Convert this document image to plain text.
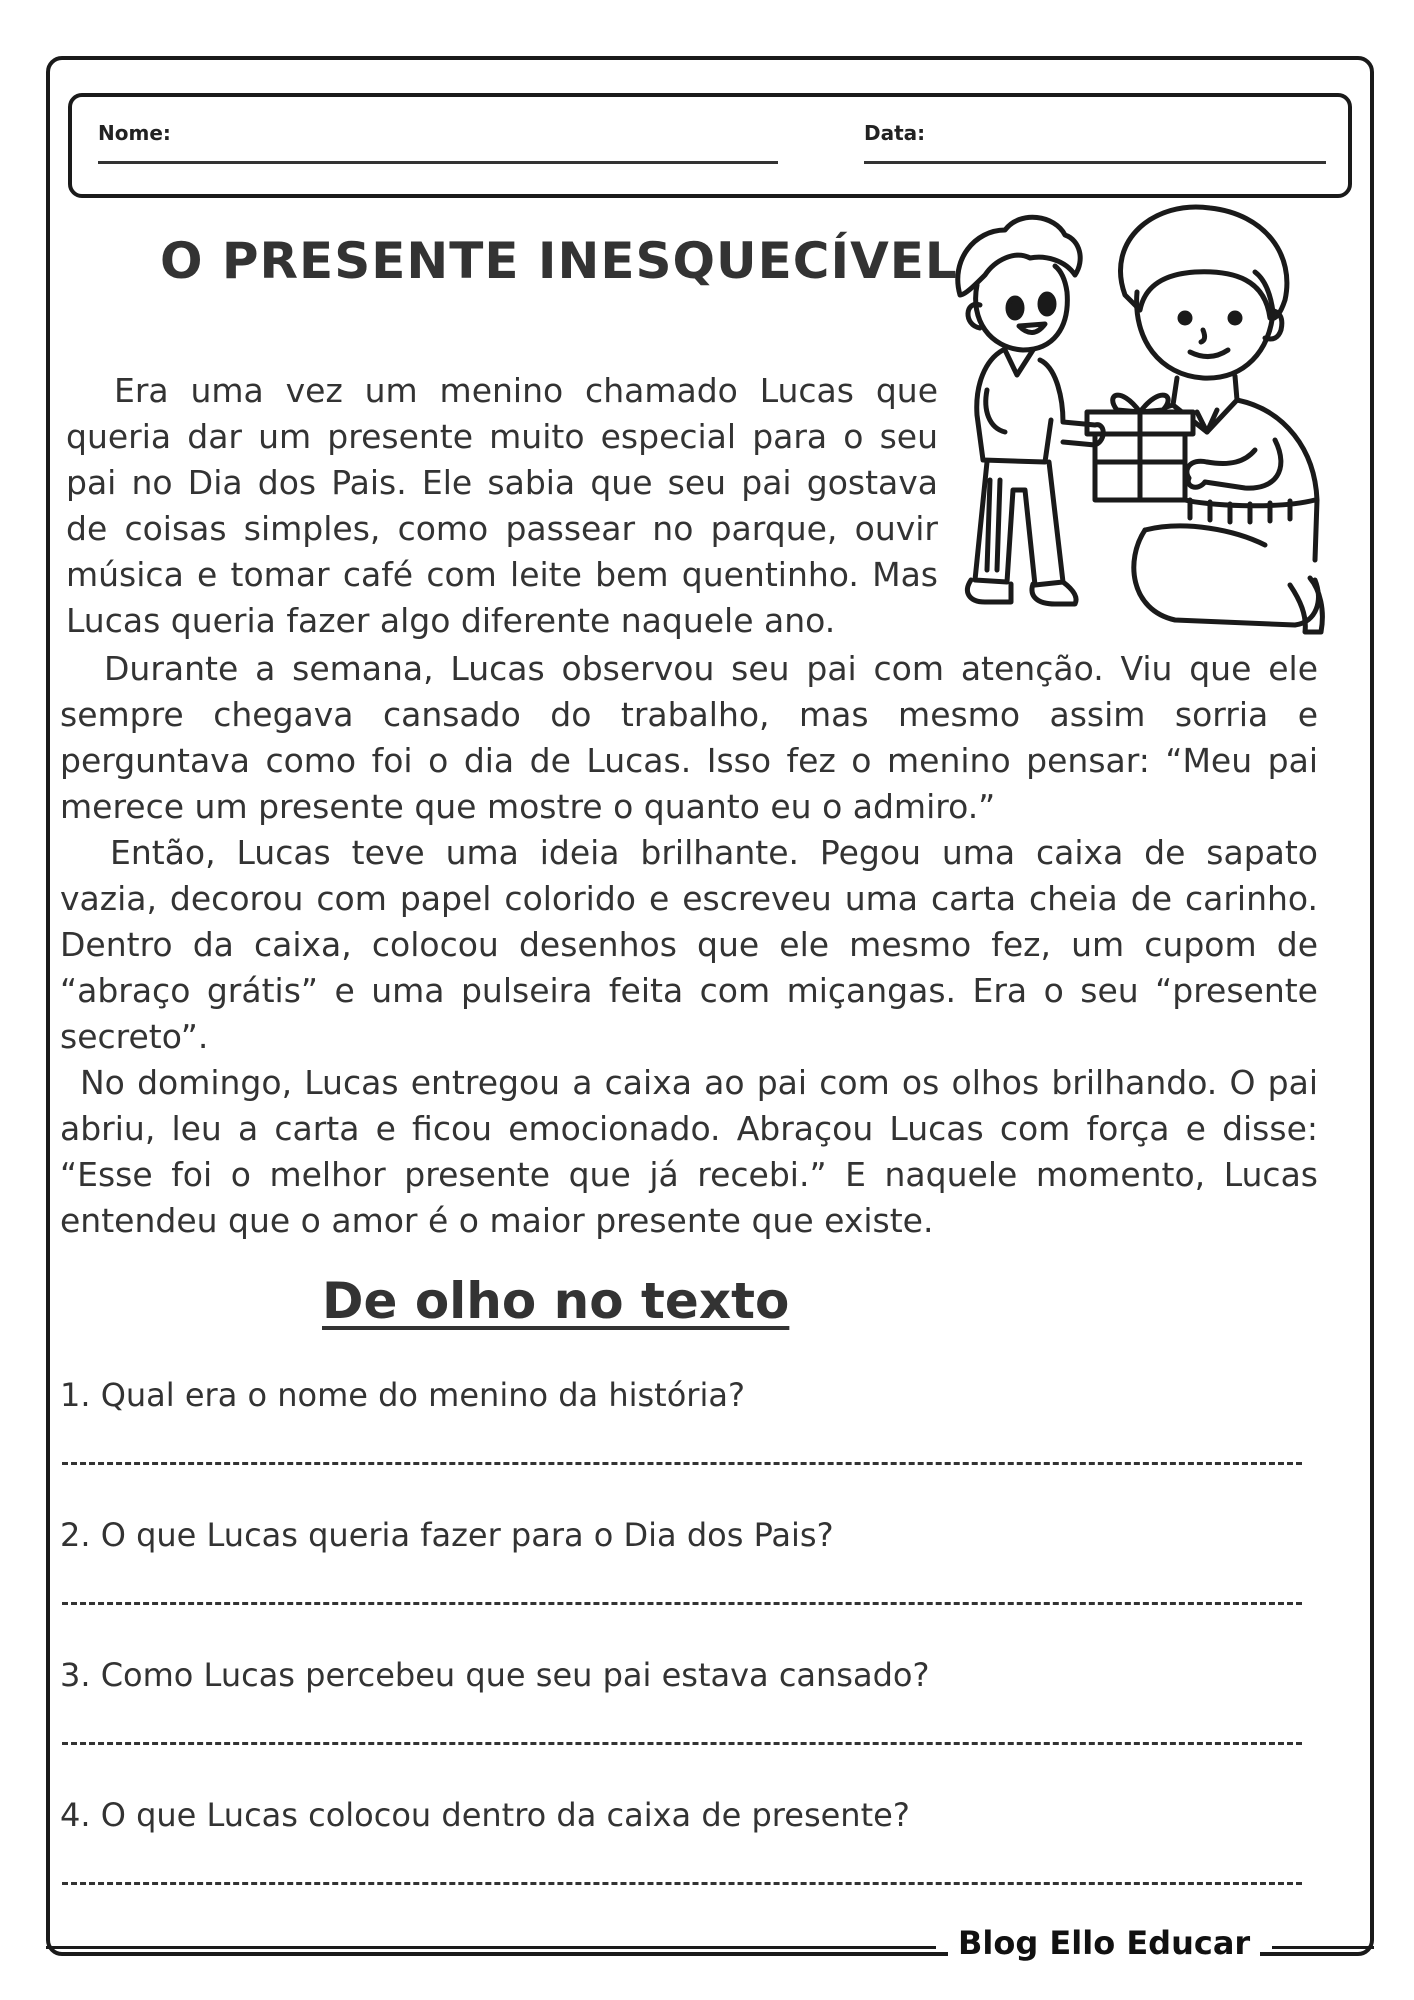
Nome:	Data:
O PRESENTE INESQUECÍVEL

Era uma vez um menino chamado Lucas que queria dar um presente muito especial para o seu pai no Dia dos Pais. Ele sabia que seu pai gostava de coisas simples, como passear no parque, ouvir música e tomar café com leite bem quentinho. Mas Lucas queria fazer algo diferente naquele ano.

Durante a semana, Lucas observou seu pai com atenção. Viu que ele sempre chegava cansado do trabalho, mas mesmo assim sorria e perguntava como foi o dia de Lucas. Isso fez o menino pensar: “Meu pai merece um presente que mostre o quanto eu o admiro.”

Então, Lucas teve uma ideia brilhante. Pegou uma caixa de sapato vazia, decorou com papel colorido e escreveu uma carta cheia de carinho. Dentro da caixa, colocou desenhos que ele mesmo fez, um cupom de “abraço grátis” e uma pulseira feita com miçangas. Era o seu “presente secreto”.

No domingo, Lucas entregou a caixa ao pai com os olhos brilhando. O pai abriu, leu a carta e ficou emocionado. Abraçou Lucas com força e disse: “Esse foi o melhor presente que já recebi.” E naquele momento, Lucas entendeu que o amor é o maior presente que existe.

De olho no texto

1. Qual era o nome do menino da história?

2. O que Lucas queria fazer para o Dia dos Pais?

3. Como Lucas percebeu que seu pai estava cansado?

4. O que Lucas colocou dentro da caixa de presente?

Blog Ello Educar
